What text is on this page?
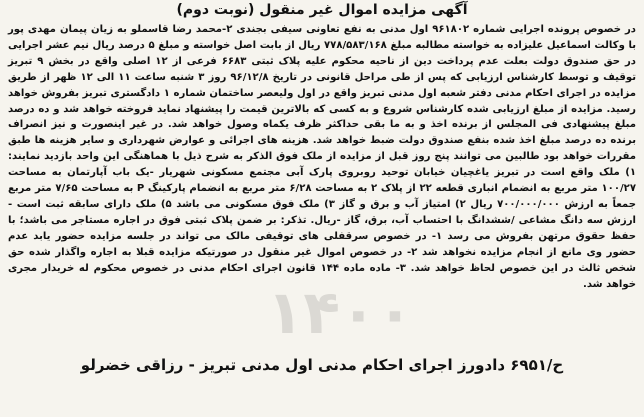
۱۴۰۰
آگهی مزایده اموال غیر منقول (نوبت دوم)

در خصوص پرونده اجرایی شماره ۹۶۱۸۰۲ اول مدنی به نفع تعاونی سیفی بجندی ۲-محمد رضا قاسملو به زیان پیمان مهدی پور با وکالت اسماعیل علیزاده به خواسته مطالبه مبلغ ۷۷۸/۵۸۳/۱۶۸ ریال از بابت اصل خواسته و مبلغ ۵ درصد ریال نیم عشر اجرایی در حق صندوق دولت بعلت عدم پرداخت دین از ناحیه محکوم علیه پلاک ثبتی ۶۶۸۳ فرعی از ۱۲ اصلی واقع در بخش ۹ تبریز توقیف و توسط کارشناس ارزیابی که پس از طی مراحل قانونی در تاریخ ۹۶/۱۲/۸ روز ۳ شنبه ساعت ۱۱ الی ۱۲ ظهر از طریق مزایده در اجرای احکام مدنی دفتر شعبه اول مدنی تبریز واقع در اول ولیعصر ساختمان شماره ۱ دادگستری تبریز بفروش خواهد رسید. مزایده از مبلغ ارزیابی شده کارشناس شروع و به کسی که بالاترین قیمت را پیشنهاد نماید فروخته خواهد شد و ده درصد مبلغ پیشنهادی فی المجلس از برنده اخذ و به ما بقی حداکثر ظرف یکماه وصول خواهد شد. در غیر اینصورت و نیز انصراف برنده ده درصد مبلغ اخذ شده بنفع صندوق دولت ضبط خواهد شد. هزینه های اجرائی و عوارض شهرداری و سایر هزینه ها طبق مقررات خواهد بود طالبین می توانند پنج روز قبل از مزایده از ملک فوق الذکر به شرح ذیل با هماهنگی این واحد بازدید نمایند: ۱) ملک واقع است در تبریز یاغچیان خیابان توحید روبروی پارک آبی مجتمع مسکونی شهریار -یک باب آپارتمان به مساحت ۱۰۰/۲۷ متر مربع به انضمام انباری قطعه ۲۲ از پلاک ۲ به مساحت ۶/۲۸ متر مربع به انضمام پارکینگ P به مساحت ۷/۶۵ متر مربع جمعاً به ارزش ۷۰۰/۰۰۰/۰۰۰ ریال ۲) امتیاز آب و برق و گاز ۳) ملک فوق مسکونی می باشد ۵) ملک دارای سابقه ثبت است - ارزش سه دانگ مشاعی /ششدانگ با احتساب آب، برق، گاز -ریال. تذکر: بر ضمن پلاک ثبتی فوق در اجاره مستاجر می باشد؛ با حفظ حقوق مرتهن بفروش می رسد ۱- در خصوص سرقفلی های توقیفی مالک می تواند در جلسه مزایده حضور یابد عدم حضور وی مانع از انجام مزایده نخواهد شد ۲- در خصوص اموال غیر منقول در صورتیکه مزایده قبلا به اجاره واگذار شده حق شخص ثالث در این خصوص لحاظ خواهد شد. ۳- ماده ماده ۱۴۴ قانون اجرای احکام مدنی در خصوص محکوم له خریدار مجری خواهد شد.

ح/۶۹۵۱ دادورز اجرای احکام مدنی اول مدنی تبریز - رزاقی خضرلو
